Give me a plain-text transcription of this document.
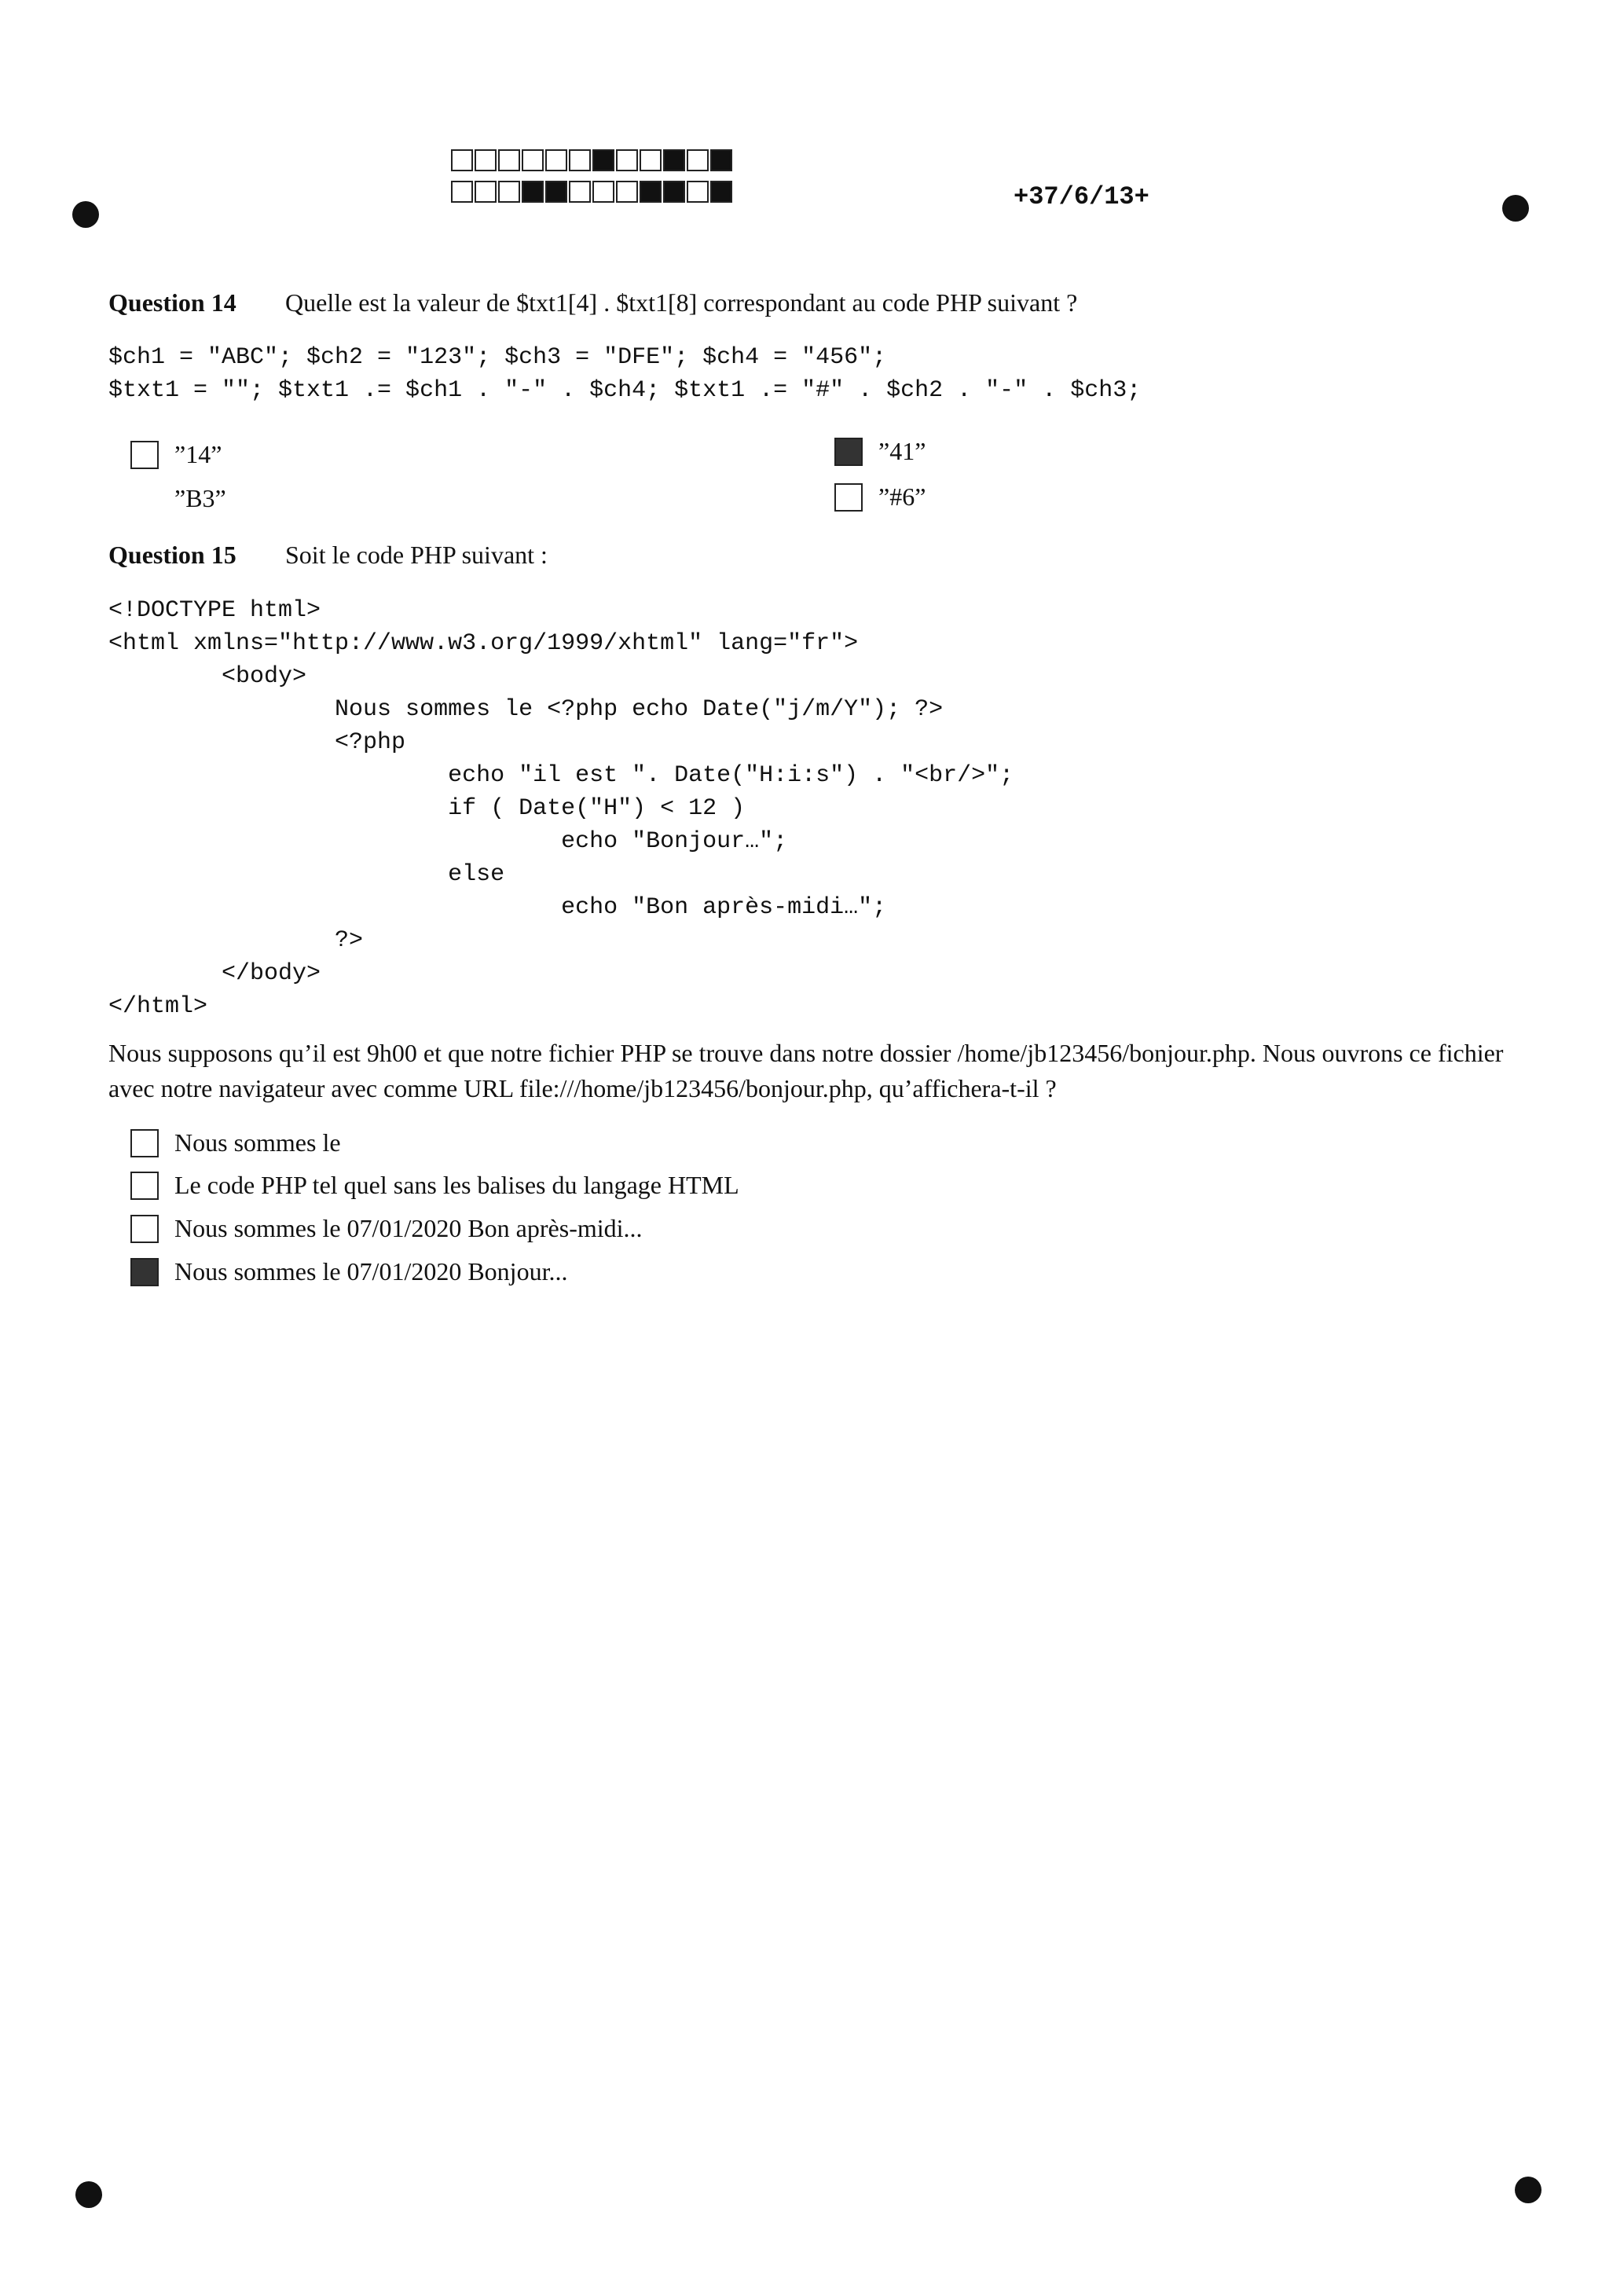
+37/6/13+
Question 14 Quelle est la valeur de $txt1[4] . $txt1[8] correspondant au code PHP suivant ?
$ch1 = "ABC"; $ch2 = "123"; $ch3 = "DFE"; $ch4 = "456";
$txt1 = ""; $txt1 .= $ch1 . "-" . $ch4; $txt1 .= "#" . $ch2 . "-" . $ch3;
”14”	”41”
”B3”	”#6”
Question 15 Soit le code PHP suivant :
<!DOCTYPE html>
<html xmlns="http://www.w3.org/1999/xhtml" lang="fr">
<body>
Nous sommes le <?php echo Date("j/m/Y"); ?>
<?php
echo "il est ". Date("H:i:s") . "<br/>";
if ( Date("H") < 12 )
echo "Bonjour…";
else
echo "Bon après-midi…";
?>
</body>
</html>

Nous supposons qu’il est 9h00 et que notre fichier PHP se trouve dans notre dossier /home/jb123456/bonjour.php. Nous ouvrons ce fichier avec notre navigateur avec comme URL file:///home/jb123456/bonjour.php, qu’affichera-t-il ?

Nous sommes le
Le code PHP tel quel sans les balises du langage HTML
Nous sommes le 07/01/2020 Bon après-midi...
Nous sommes le 07/01/2020 Bonjour...
